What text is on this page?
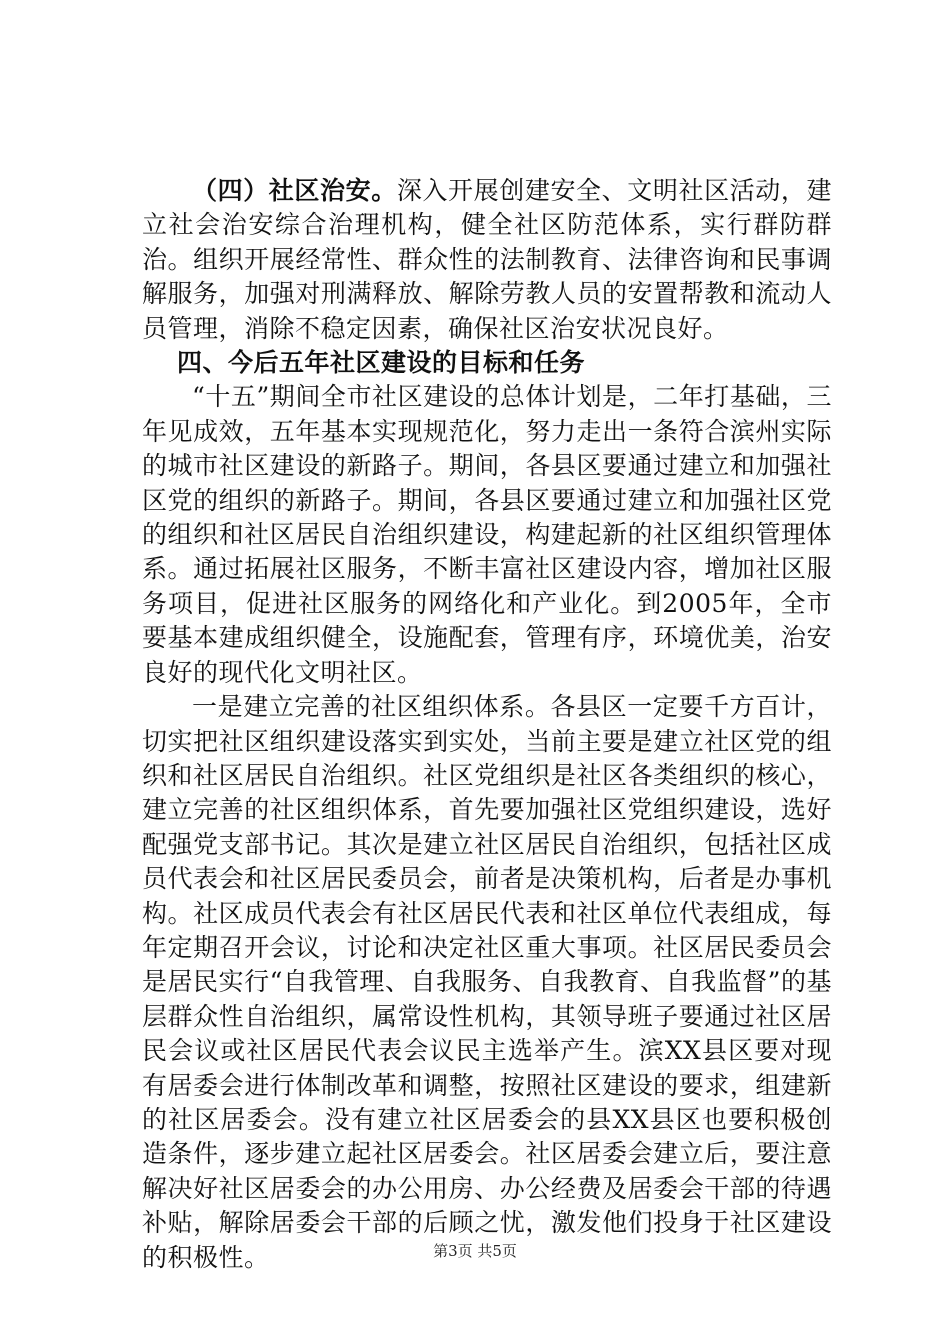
（四）社区治安。深入开展创建安全、文明社区活动，建立社会治安综合治理机构，健全社区防范体系，实行群防群治。组织开展经常性、群众性的法制教育、法律咨询和民事调解服务，加强对刑满释放、解除劳教人员的安置帮教和流动人员管理，消除不稳定因素，确保社区治安状况良好。

四、今后五年社区建设的目标和任务

“十五”期间全市社区建设的总体计划是，二年打基础，三年见成效，五年基本实现规范化，努力走出一条符合滨州实际的城市社区建设的新路子。期间，各县区要通过建立和加强社区党的组织的新路子。期间，各县区要通过建立和加强社区党的组织和社区居民自治组织建设，构建起新的社区组织管理体系。通过拓展社区服务，不断丰富社区建设内容，增加社区服务项目，促进社区服务的网络化和产业化。到2005年，全市要基本建成组织健全，设施配套，管理有序，环境优美，治安良好的现代化文明社区。

一是建立完善的社区组织体系。各县区一定要千方百计，切实把社区组织建设落实到实处，当前主要是建立社区党的组织和社区居民自治组织。社区党组织是社区各类组织的核心，建立完善的社区组织体系，首先要加强社区党组织建设，选好配强党支部书记。其次是建立社区居民自治组织，包括社区成员代表会和社区居民委员会，前者是决策机构，后者是办事机构。社区成员代表会有社区居民代表和社区单位代表组成，每年定期召开会议，讨论和决定社区重大事项。社区居民委员会是居民实行“自我管理、自我服务、自我教育、自我监督”的基层群众性自治组织，属常设性机构，其领导班子要通过社区居民会议或社区居民代表会议民主选举产生。滨XX县区要对现有居委会进行体制改革和调整，按照社区建设的要求，组建新的社区居委会。没有建立社区居委会的县XX县区也要积极创造条件，逐步建立起社区居委会。社区居委会建立后，要注意解决好社区居委会的办公用房、办公经费及居委会干部的待遇补贴，解除居委会干部的后顾之忧，激发他们投身于社区建设的积极性。	第3页 共5页
